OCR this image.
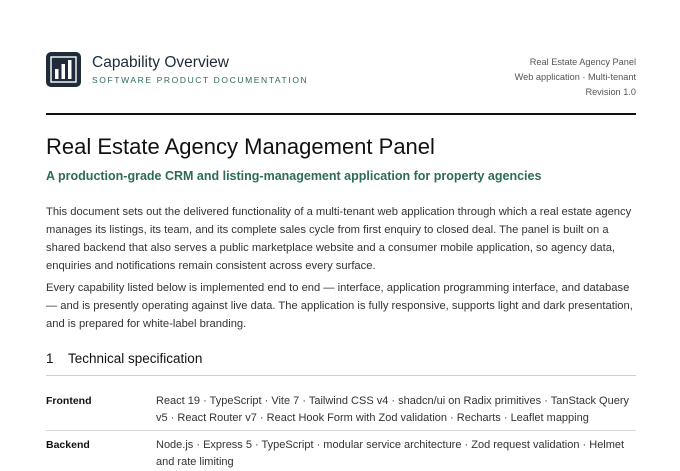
Capability Overview
SOFTWARE PRODUCT DOCUMENTATION
Real Estate Agency Panel
Web application · Multi-tenant
Revision 1.0
Real Estate Agency Management Panel
A production-grade CRM and listing-management application for property agencies
This document sets out the delivered functionality of a multi-tenant web application through which a real estate agency manages its listings, its team, and its complete sales cycle from first enquiry to closed deal. The panel is built on a shared backend that also serves a public marketplace website and a consumer mobile application, so agency data, enquiries and notifications remain consistent across every surface.
Every capability listed below is implemented end to end — interface, application programming interface, and database — and is presently operating against live data. The application is fully responsive, supports light and dark presentation, and is prepared for white-label branding.
1 Technical specification
Frontend	React 19 · TypeScript · Vite 7 · Tailwind CSS v4 · shadcn/ui on Radix primitives · TanStack Query v5 · React Router v7 · React Hook Form with Zod validation · Recharts · Leaflet mapping
Backend	Node.js · Express 5 · TypeScript · modular service architecture · Zod request validation · Helmet and rate limiting
